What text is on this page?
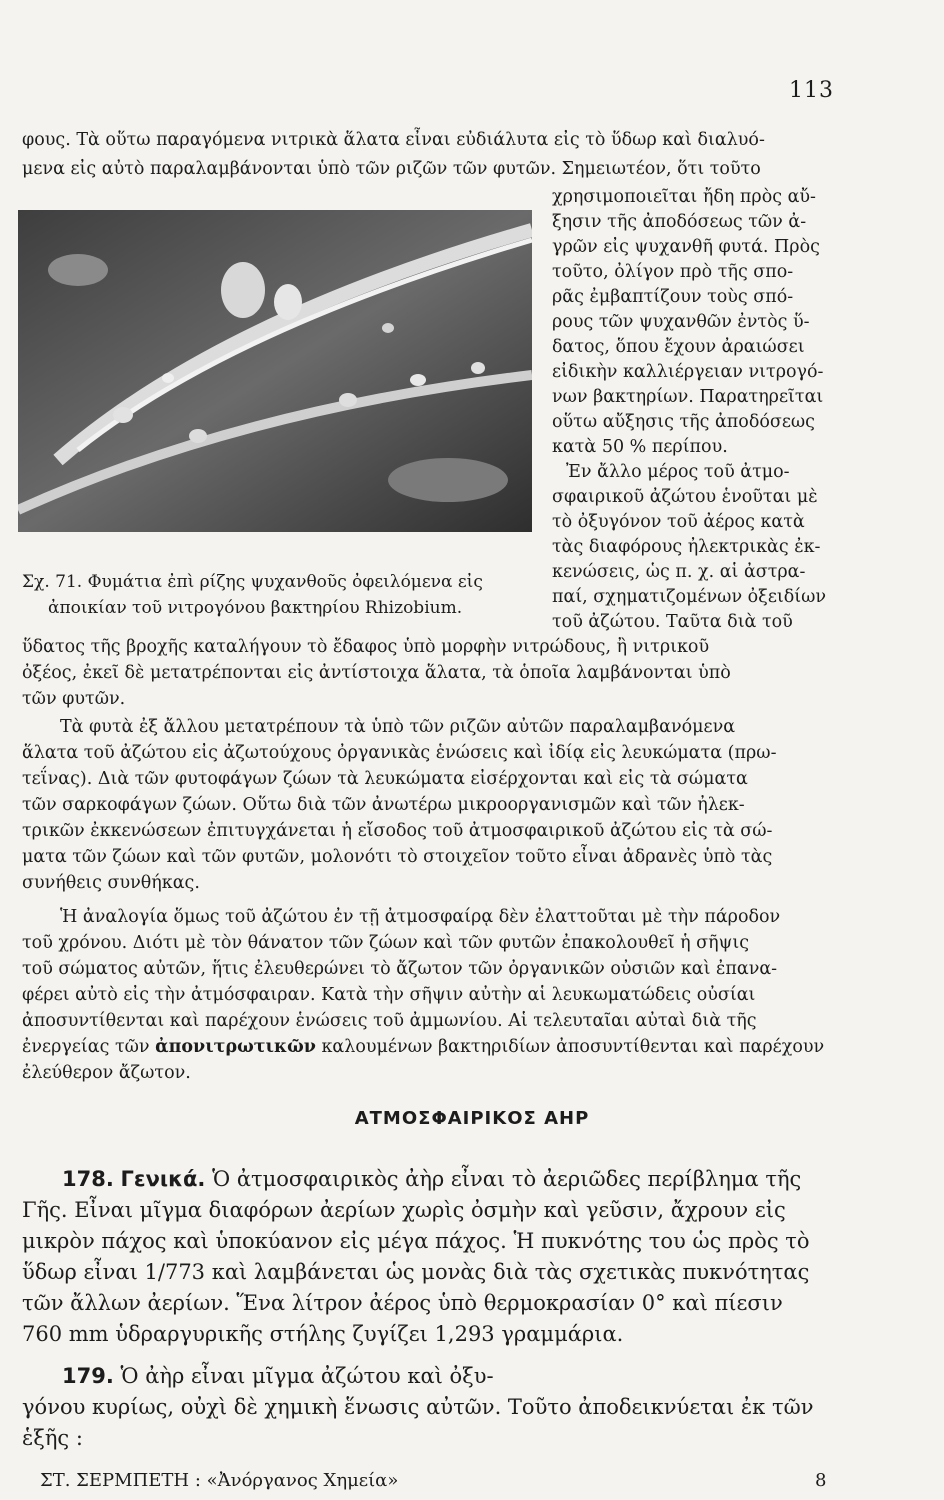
113
φους. Τὰ οὕτω παραγόμενα νιτρικὰ ἅλατα εἶναι εὐδιάλυτα εἰς τὸ ὕδωρ καὶ διαλυό-
μενα εἰς αὐτὸ παραλαμβάνονται ὑπὸ τῶν ριζῶν τῶν φυτῶν. Σημειωτέον, ὅτι τοῦτο
χρησιμοποιεῖται ἤδη πρὸς αὔ-
ξησιν τῆς ἀποδόσεως τῶν ἀ-
γρῶν εἰς ψυχανθῆ φυτά. Πρὸς
τοῦτο, ὀλίγον πρὸ τῆς σπο-
ρᾶς ἐμβαπτίζουν τοὺς σπό-
ρους τῶν ψυχανθῶν ἐντὸς ὕ-
δατος, ὅπου ἔχουν ἀραιώσει
εἰδικὴν καλλιέργειαν νιτρογό-
νων βακτηρίων. Παρατηρεῖται
οὕτω αὔξησις τῆς ἀποδόσεως
κατὰ 50 % περίπου.
Ἐν ἄλλο μέρος τοῦ ἀτμο-
σφαιρικοῦ ἀζώτου ἑνοῦται μὲ
τὸ ὀξυγόνον τοῦ ἀέρος κατὰ
τὰς διαφόρους ἠλεκτρικὰς ἐκ-
κενώσεις, ὡς π. χ. αἱ ἀστρα-
παί, σχηματιζομένων ὀξειδίων
τοῦ ἀζώτου. Ταῦτα διὰ τοῦ
Σχ. 71. Φυμάτια ἐπὶ ρίζης ψυχανθοῦς ὀφειλόμενα εἰς
ἀποικίαν τοῦ νιτρογόνου βακτηρίου Rhizobium.
ὕδατος τῆς βροχῆς καταλήγουν τὸ ἔδαφος ὑπὸ μορφὴν νιτρώδους, ἢ νιτρικοῦ
ὀξέος, ἐκεῖ δὲ μετατρέπονται εἰς ἀντίστοιχα ἅλατα, τὰ ὁποῖα λαμβάνονται ὑπὸ
τῶν φυτῶν.
Τὰ φυτὰ ἐξ ἄλλου μετατρέπουν τὰ ὑπὸ τῶν ριζῶν αὐτῶν παραλαμβανόμενα
ἅλατα τοῦ ἀζώτου εἰς ἀζωτούχους ὀργανικὰς ἑνώσεις καὶ ἰδίᾳ εἰς λευκώματα (πρω-
τεΐνας). Διὰ τῶν φυτοφάγων ζώων τὰ λευκώματα εἰσέρχονται καὶ εἰς τὰ σώματα
τῶν σαρκοφάγων ζώων. Οὕτω διὰ τῶν ἀνωτέρω μικροοργανισμῶν καὶ τῶν ἠλεκ-
τρικῶν ἐκκενώσεων ἐπιτυγχάνεται ἡ εἴσοδος τοῦ ἀτμοσφαιρικοῦ ἀζώτου εἰς τὰ σώ-
ματα τῶν ζώων καὶ τῶν φυτῶν, μολονότι τὸ στοιχεῖον τοῦτο εἶναι ἀδρανὲς ὑπὸ τὰς
συνήθεις συνθήκας.
Ἡ ἀναλογία ὅμως τοῦ ἀζώτου ἐν τῇ ἀτμοσφαίρᾳ δὲν ἐλαττοῦται μὲ τὴν πάροδον
τοῦ χρόνου. Διότι μὲ τὸν θάνατον τῶν ζώων καὶ τῶν φυτῶν ἐπακολουθεῖ ἡ σῆψις
τοῦ σώματος αὐτῶν, ἥτις ἐλευθερώνει τὸ ἄζωτον τῶν ὀργανικῶν οὐσιῶν καὶ ἐπανα-
φέρει αὐτὸ εἰς τὴν ἀτμόσφαιραν. Κατὰ τὴν σῆψιν αὐτὴν αἱ λευκωματώδεις οὐσίαι
ἀποσυντίθενται καὶ παρέχουν ἑνώσεις τοῦ ἀμμωνίου. Αἱ τελευταῖαι αὐταὶ διὰ τῆς
ἐνεργείας τῶν ἀπονιτρωτικῶν καλουμένων βακτηριδίων ἀποσυντίθενται καὶ παρέχουν
ἐλεύθερον ἄζωτον.
ΑΤΜΟΣΦΑΙΡΙΚΟΣ ΑΗΡ
178. Γενικά. Ὁ ἀτμοσφαιρικὸς ἀὴρ εἶναι τὸ ἀεριῶδες περίβλημα τῆς
Γῆς. Εἶναι μῖγμα διαφόρων ἀερίων χωρὶς ὀσμὴν καὶ γεῦσιν, ἄχρουν εἰς
μικρὸν πάχος καὶ ὑποκύανον εἰς μέγα πάχος. Ἡ πυκνότης του ὡς πρὸς τὸ
ὕδωρ εἶναι 1/773 καὶ λαμβάνεται ὡς μονὰς διὰ τὰς σχετικὰς πυκνότητας
τῶν ἄλλων ἀερίων. Ἕνα λίτρον ἀέρος ὑπὸ θερμοκρασίαν 0° καὶ πίεσιν
760 mm ὑδραργυρικῆς στήλης ζυγίζει 1,293 γραμμάρια.
179. Ὁ ἀὴρ εἶναι μῖγμα ἀζώτου καὶ ὀξυ-
γόνου κυρίως, οὐχὶ δὲ χημικὴ ἕνωσις αὐτῶν. Τοῦτο ἀποδεικνύεται ἐκ τῶν
ἑξῆς :
ΣΤ. ΣΕΡΜΠΕΤΗ : «Ἀνόργανος Χημεία»	8
